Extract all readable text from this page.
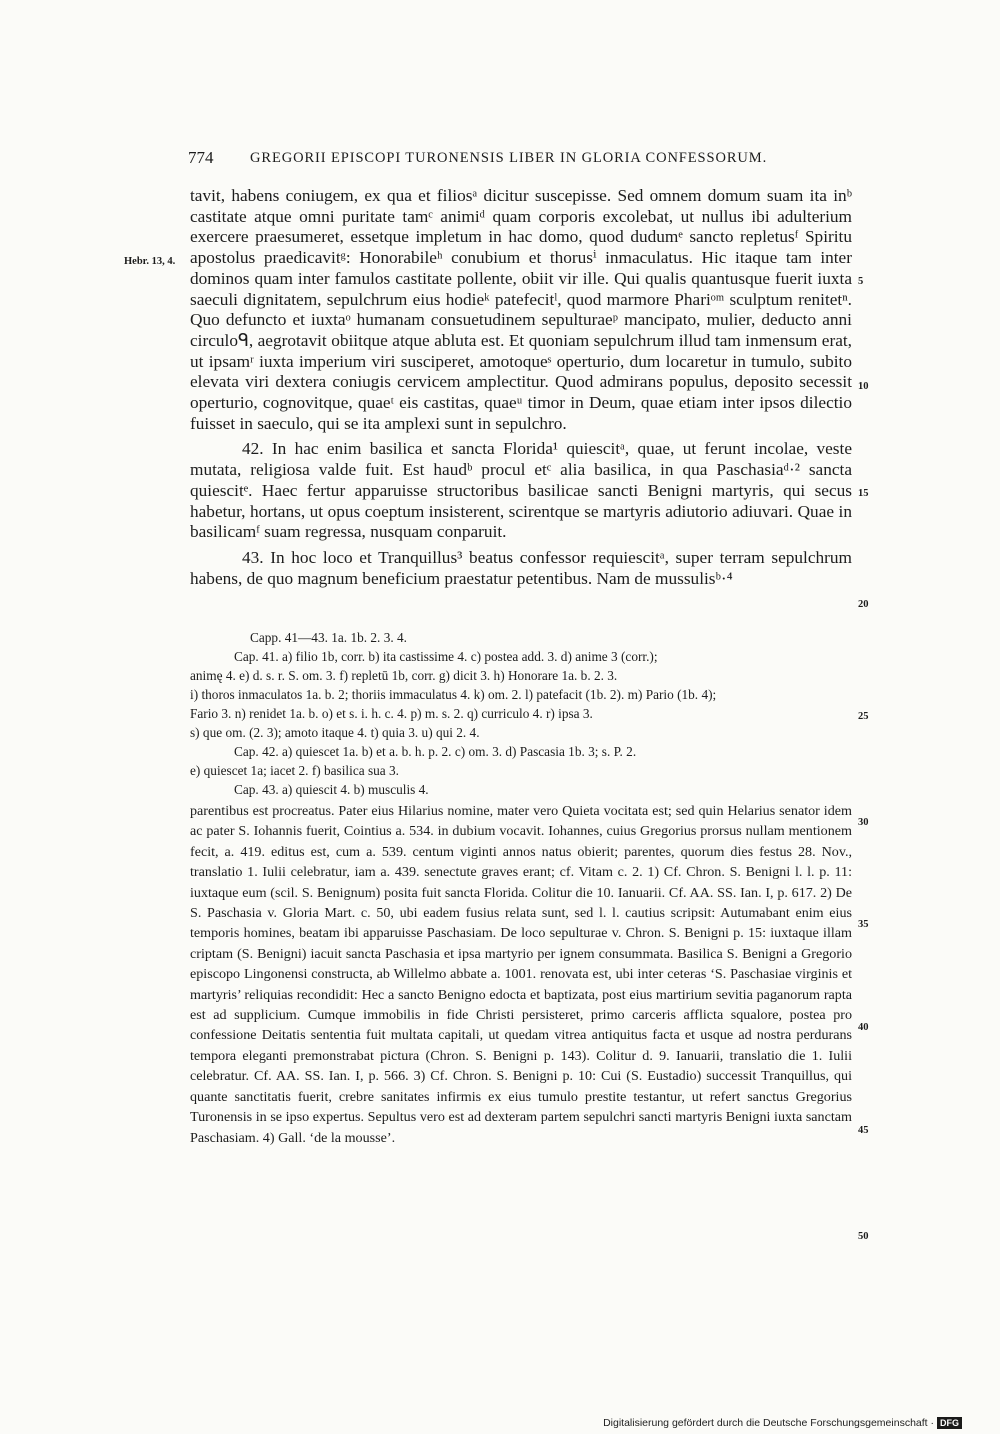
774	GREGORII EPISCOPI TURONENSIS LIBER IN GLORIA CONFESSORUM.
Hebr. 13, 4.

tavit, habens coniugem, ex qua et filiosᵃ dicitur suscepisse. Sed omnem domum suam ita inᵇ castitate atque omni puritate tamᶜ animiᵈ quam corporis excolebat, ut nullus ibi adulterium exercere praesumeret, essetque impletum in hac domo, quod dudumᵉ sancto repletusᶠ Spiritu apostolus praedicavitᵍ: Honorabileʰ conubium et thorusⁱ inmaculatus. Hic itaque tam inter dominos quam inter famulos castitate pollente, obiit vir ille. Qui qualis quantusque fuerit iuxta saeculi dignitatem, sepulchrum eius hodieᵏ patefecitˡ, quod marmore Phariᵒᵐ sculptum renitetⁿ. Quo defuncto et iuxtaᵒ humanam consuetudinem sepulturaeᵖ mancipato, mulier, deducto anni circuloᑫ, aegrotavit obiitque atque abluta est. Et quoniam sepulchrum illud tam inmensum erat, ut ipsamʳ iuxta imperium viri susciperet, amotoqueˢ operturio, dum locaretur in tumulo, subito elevata viri dextera coniugis cervicem amplectitur. Quod admirans populus, deposito secessit operturio, cognovitque, quaeᵗ eis castitas, quaeᵘ timor in Deum, quae etiam inter ipsos dilectio fuisset in saeculo, qui se ita amplexi sunt in sepulchro.

42. In hac enim basilica et sancta Florida¹ quiescitᵃ, quae, ut ferunt incolae, veste mutata, religiosa valde fuit. Est haudᵇ procul etᶜ alia basilica, in qua Paschasiaᵈ·² sancta quiescitᵉ. Haec fertur apparuisse structoribus basilicae sancti Benigni martyris, qui secus habetur, hortans, ut opus coeptum insisterent, scirentque se martyris adiutorio adiuvari. Quae in basilicamᶠ suam regressa, nusquam conparuit.

43. In hoc loco et Tranquillus³ beatus confessor requiescitᵃ, super terram sepulchrum habens, de quo magnum beneficium praestatur petentibus. Nam de mussulisᵇ·⁴

5
10
15
20
25
30
35
40
45
50
Capp. 41—43. 1a. 1b. 2. 3. 4.
Cap. 41. a) filio 1b, corr. b) ita castissime 4. c) postea add. 3. d) anime 3 (corr.);
animę 4. e) d. s. r. S. om. 3. f) repletū 1b, corr. g) dicit 3. h) Honorare 1a. b. 2. 3.
i) thoros inmaculatos 1a. b. 2; thoriis immaculatus 4. k) om. 2. l) patefacit (1b. 2). m) Pario (1b. 4);
Fario 3. n) renidet 1a. b. o) et s. i. h. c. 4. p) m. s. 2. q) curriculo 4. r) ipsa 3.
s) que om. (2. 3); amoto itaque 4. t) quia 3. u) qui 2. 4.
Cap. 42. a) quiescet 1a. b) et a. b. h. p. 2. c) om. 3. d) Pascasia 1b. 3; s. P. 2.
e) quiescet 1a; iacet 2. f) basilica sua 3.
Cap. 43. a) quiescit 4. b) musculis 4.

parentibus est procreatus. Pater eius Hilarius nomine, mater vero Quieta vocitata est; sed quin Helarius senator idem ac pater S. Iohannis fuerit, Cointius a. 534. in dubium vocavit. Iohannes, cuius Gregorius prorsus nullam mentionem fecit, a. 419. editus est, cum a. 539. centum viginti annos natus obierit; parentes, quorum dies festus 28. Nov., translatio 1. Iulii celebratur, iam a. 439. senectute graves erant; cf. Vitam c. 2. 1) Cf. Chron. S. Benigni l. l. p. 11: iuxtaque eum (scil. S. Benignum) posita fuit sancta Florida. Colitur die 10. Ianuarii. Cf. AA. SS. Ian. I, p. 617. 2) De S. Paschasia v. Gloria Mart. c. 50, ubi eadem fusius relata sunt, sed l. l. cautius scripsit: Autumabant enim eius temporis homines, beatam ibi apparuisse Paschasiam. De loco sepulturae v. Chron. S. Benigni p. 15: iuxtaque illam criptam (S. Benigni) iacuit sancta Paschasia et ipsa martyrio per ignem consummata. Basilica S. Benigni a Gregorio episcopo Lingonensi constructa, ab Willelmo abbate a. 1001. renovata est, ubi inter ceteras ‘S. Paschasiae virginis et martyris’ reliquias recondidit: Hec a sancto Benigno edocta et baptizata, post eius martirium sevitia paganorum rapta est ad supplicium. Cumque immobilis in fide Christi persisteret, primo carceris afflicta squalore, postea pro confessione Deitatis sententia fuit multata capitali, ut quedam vitrea antiquitus facta et usque ad nostra perdurans tempora eleganti premonstrabat pictura (Chron. S. Benigni p. 143). Colitur d. 9. Ianuarii, translatio die 1. Iulii celebratur. Cf. AA. SS. Ian. I, p. 566. 3) Cf. Chron. S. Benigni p. 10: Cui (S. Eustadio) successit Tranquillus, qui quante sanctitatis fuerit, crebre sanitates infirmis ex eius tumulo prestite testantur, ut refert sanctus Gregorius Turonensis in se ipso expertus. Sepultus vero est ad dexteram partem sepulchri sancti martyris Benigni iuxta sanctam Paschasiam. 4) Gall. ‘de la mousse’.

Digitalisierung gefördert durch die Deutsche Forschungsgemeinschaft · DFG
